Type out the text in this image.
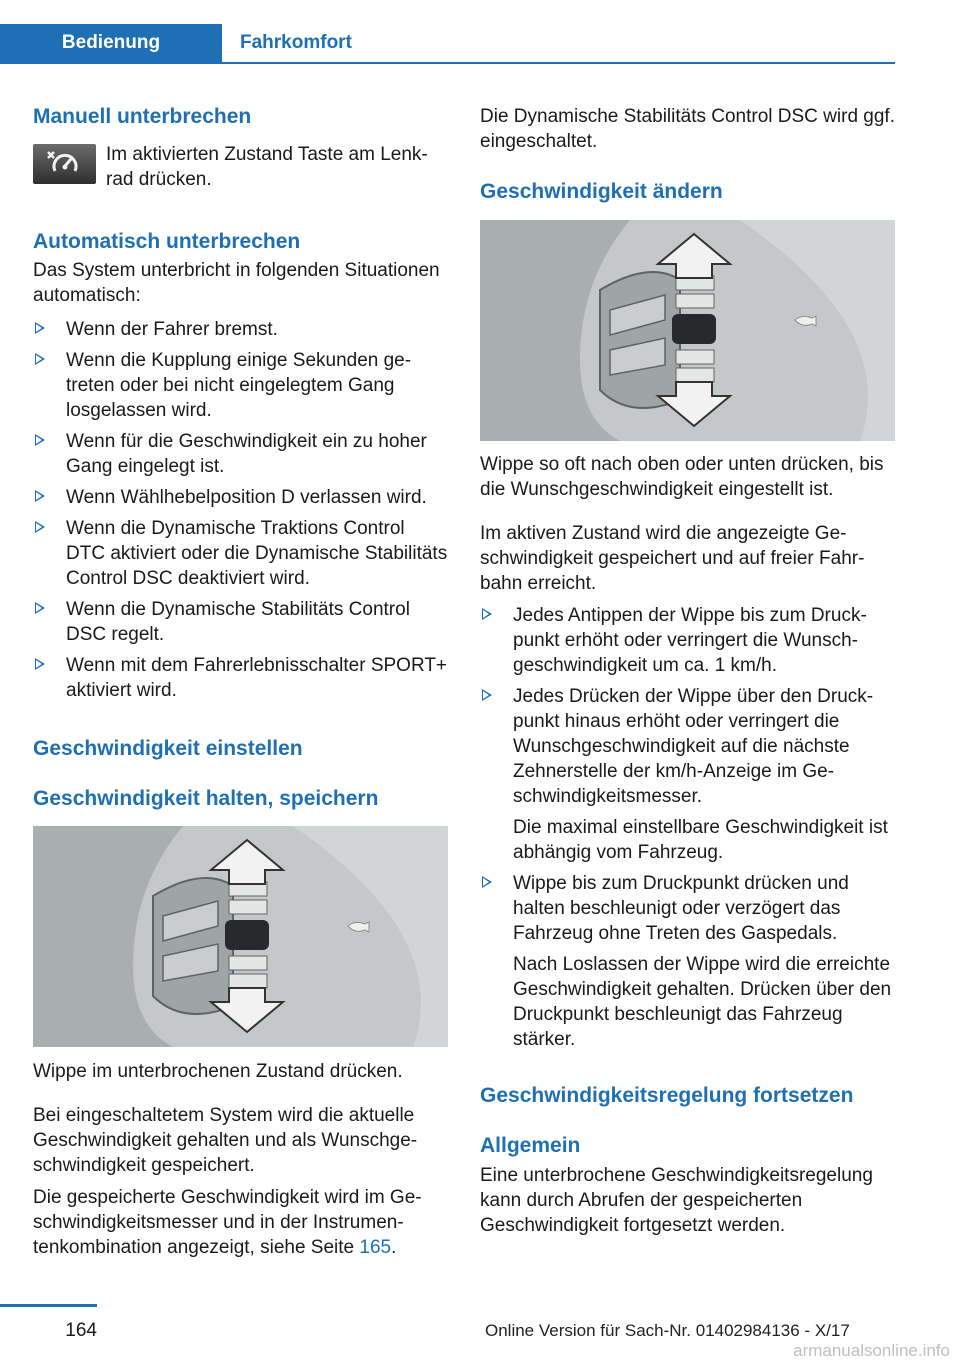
Bedienung	Fahrkomfort
Manuell unterbrechen

Im aktivierten Zustand Taste am Lenkrad drücken.

Automatisch unterbrechen

Das System unterbricht in folgenden Situationen automatisch:

Wenn der Fahrer bremst.
Wenn die Kupplung einige Sekunden getreten oder bei nicht eingelegtem Gang losgelassen wird.
Wenn für die Geschwindigkeit ein zu hoher Gang eingelegt ist.
Wenn Wählhebelposition D verlassen wird.
Wenn die Dynamische Traktions Control DTC aktiviert oder die Dynamische Stabilitäts Control DSC deaktiviert wird.
Wenn die Dynamische Stabilitäts Control DSC regelt.
Wenn mit dem Fahrerlebnisschalter SPORT+ aktiviert wird.
Geschwindigkeit einstellen
Geschwindigkeit halten, speichern

Wippe im unterbrochenen Zustand drücken.

Bei eingeschaltetem System wird die aktuelle Geschwindigkeit gehalten und als Wunschgeschwindigkeit gespeichert.

Die gespeicherte Geschwindigkeit wird im Geschwindigkeitsmesser und in der Instrumentenkombination angezeigt, siehe Seite 165.

Die Dynamische Stabilitäts Control DSC wird ggf. eingeschaltet.

Geschwindigkeit ändern

Wippe so oft nach oben oder unten drücken, bis die Wunschgeschwindigkeit eingestellt ist.

Im aktiven Zustand wird die angezeigte Geschwindigkeit gespeichert und auf freier Fahrbahn erreicht.

Jedes Antippen der Wippe bis zum Druckpunkt erhöht oder verringert die Wunschgeschwindigkeit um ca. 1 km/h.
Jedes Drücken der Wippe über den Druckpunkt hinaus erhöht oder verringert die Wunschgeschwindigkeit auf die nächste Zehnerstelle der km/h-Anzeige im Geschwindigkeitsmesser.
Die maximal einstellbare Geschwindigkeit ist abhängig vom Fahrzeug.
Wippe bis zum Druckpunkt drücken und halten beschleunigt oder verzögert das Fahrzeug ohne Treten des Gaspedals.
Nach Loslassen der Wippe wird die erreichte Geschwindigkeit gehalten. Drücken über den Druckpunkt beschleunigt das Fahrzeug stärker.
Geschwindigkeitsregelung fortsetzen
Allgemein

Eine unterbrochene Geschwindigkeitsregelung kann durch Abrufen der gespeicherten Geschwindigkeit fortgesetzt werden.

164	Online Version für Sach-Nr. 01402984136 - X/17
armanualsonline.info
